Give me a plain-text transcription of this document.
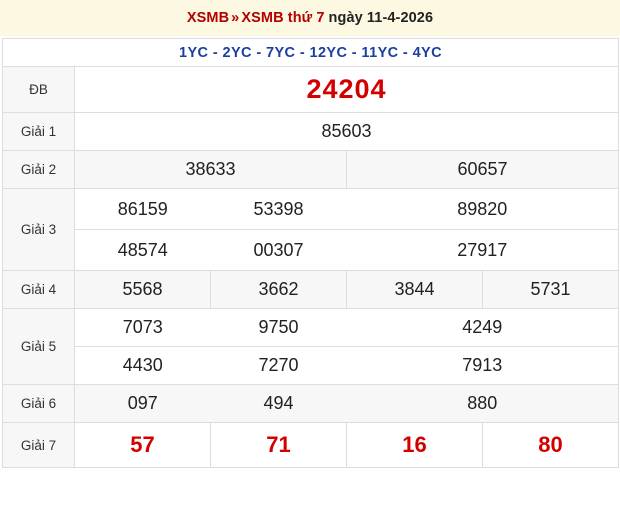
XSMB » XSMB thứ 7 ngày 11-4-2026
1YC - 2YC - 7YC - 12YC - 11YC - 4YC				
ĐB	24204			
Giải 1	85603			
Giải 2	38633		60657	
Giải 3	86159	53398	89820	
	48574	00307	27917	
Giải 4	5568	3662	3844	5731
Giải 5	7073	9750	4249	
	4430	7270	7913	
Giải 6	097	494	880	
Giải 7	57	71	16	80
